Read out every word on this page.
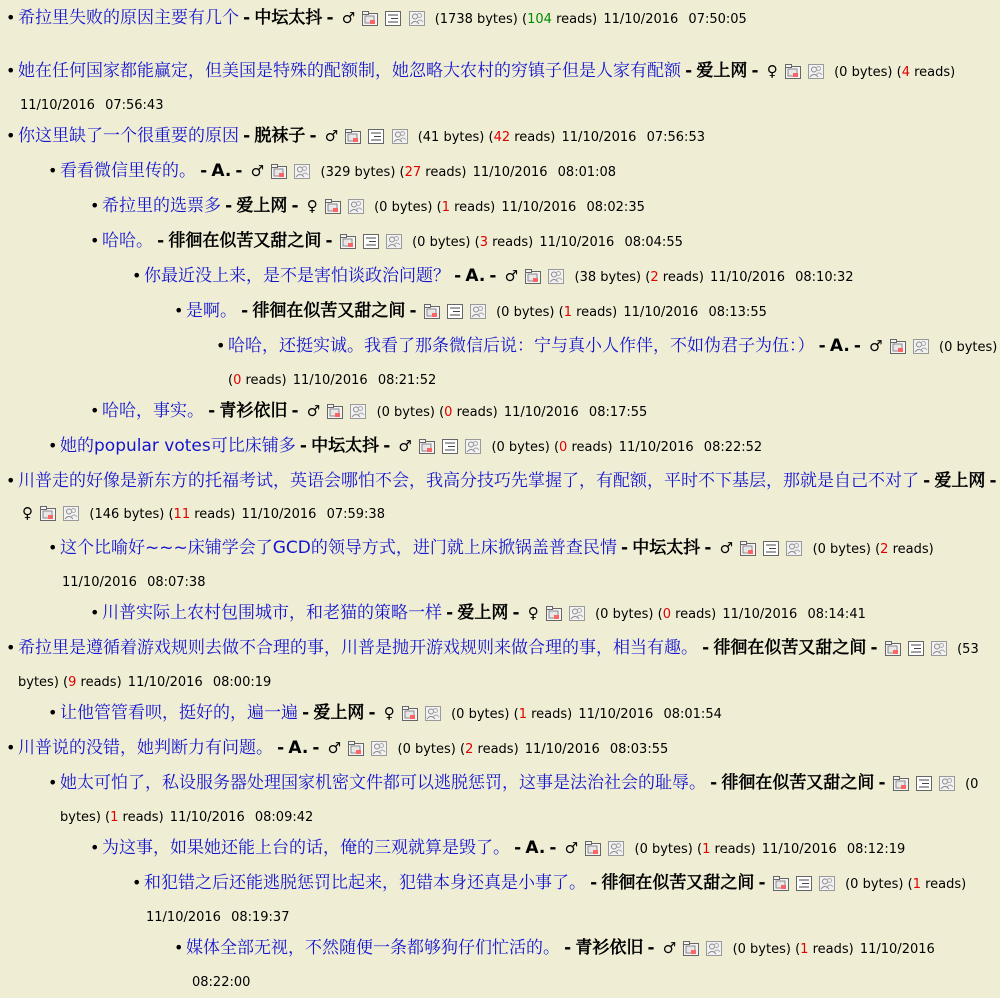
• 希拉里失败的原因主要有几个 - 中坛太抖 - ♂	(1738 bytes) (104 reads) 11/10/2016 07:50:05
• 她在任何国家都能赢定，但美国是特殊的配额制，她忽略大农村的穷镇子但是人家有配额 - 爱上网 - ♀	(0 bytes) (4 reads) 11/10/2016 07:56:43
• 你这里缺了一个很重要的原因 - 脱袜子 - ♂	(41 bytes) (42 reads) 11/10/2016 07:56:53
• 看看微信里传的。 - A. - ♂	(329 bytes) (27 reads) 11/10/2016 08:01:08
• 希拉里的选票多 - 爱上网 - ♀	(0 bytes) (1 reads) 11/10/2016 08:02:35
• 哈哈。 - 徘徊在似苦又甜之间 -	(0 bytes) (3 reads) 11/10/2016 08:04:55
• 你最近没上来，是不是害怕谈政治问题？ - A. - ♂	(38 bytes) (2 reads) 11/10/2016 08:10:32
• 是啊。 - 徘徊在似苦又甜之间 -	(0 bytes) (1 reads) 11/10/2016 08:13:55
• 哈哈，还挺实诚。我看了那条微信后说：宁与真小人作伴，不如伪君子为伍：） - A. - ♂	(0 bytes) (0 reads) 11/10/2016 08:21:52
• 哈哈，事实。 - 青衫依旧 - ♂	(0 bytes) (0 reads) 11/10/2016 08:17:55
• 她的popular votes可比床铺多 - 中坛太抖 - ♂	(0 bytes) (0 reads) 11/10/2016 08:22:52
• 川普走的好像是新东方的托福考试，英语会哪怕不会，我高分技巧先掌握了，有配额，平时不下基层，那就是自己不对了 - 爱上网 - ♀	(146 bytes) (11 reads) 11/10/2016 07:59:38
• 这个比喻好~~~床铺学会了GCD的领导方式，进门就上床掀锅盖普查民情 - 中坛太抖 - ♂	(0 bytes) (2 reads) 11/10/2016 08:07:38
• 川普实际上农村包围城市，和老猫的策略一样 - 爱上网 - ♀	(0 bytes) (0 reads) 11/10/2016 08:14:41
• 希拉里是遵循着游戏规则去做不合理的事，川普是抛开游戏规则来做合理的事，相当有趣。 - 徘徊在似苦又甜之间 -	(53 bytes) (9 reads) 11/10/2016 08:00:19
• 让他管管看呗，挺好的，遍一遍 - 爱上网 - ♀	(0 bytes) (1 reads) 11/10/2016 08:01:54
• 川普说的没错，她判断力有问题。 - A. - ♂	(0 bytes) (2 reads) 11/10/2016 08:03:55
• 她太可怕了，私设服务器处理国家机密文件都可以逃脱惩罚，这事是法治社会的耻辱。 - 徘徊在似苦又甜之间 -	(0 bytes) (1 reads) 11/10/2016 08:09:42
• 为这事，如果她还能上台的话，俺的三观就算是毁了。 - A. - ♂	(0 bytes) (1 reads) 11/10/2016 08:12:19
• 和犯错之后还能逃脱惩罚比起来，犯错本身还真是小事了。 - 徘徊在似苦又甜之间 -	(0 bytes) (1 reads) 11/10/2016 08:19:37
• 媒体全部无视，不然随便一条都够狗仔们忙活的。 - 青衫依旧 - ♂	(0 bytes) (1 reads) 11/10/2016 08:22:00
